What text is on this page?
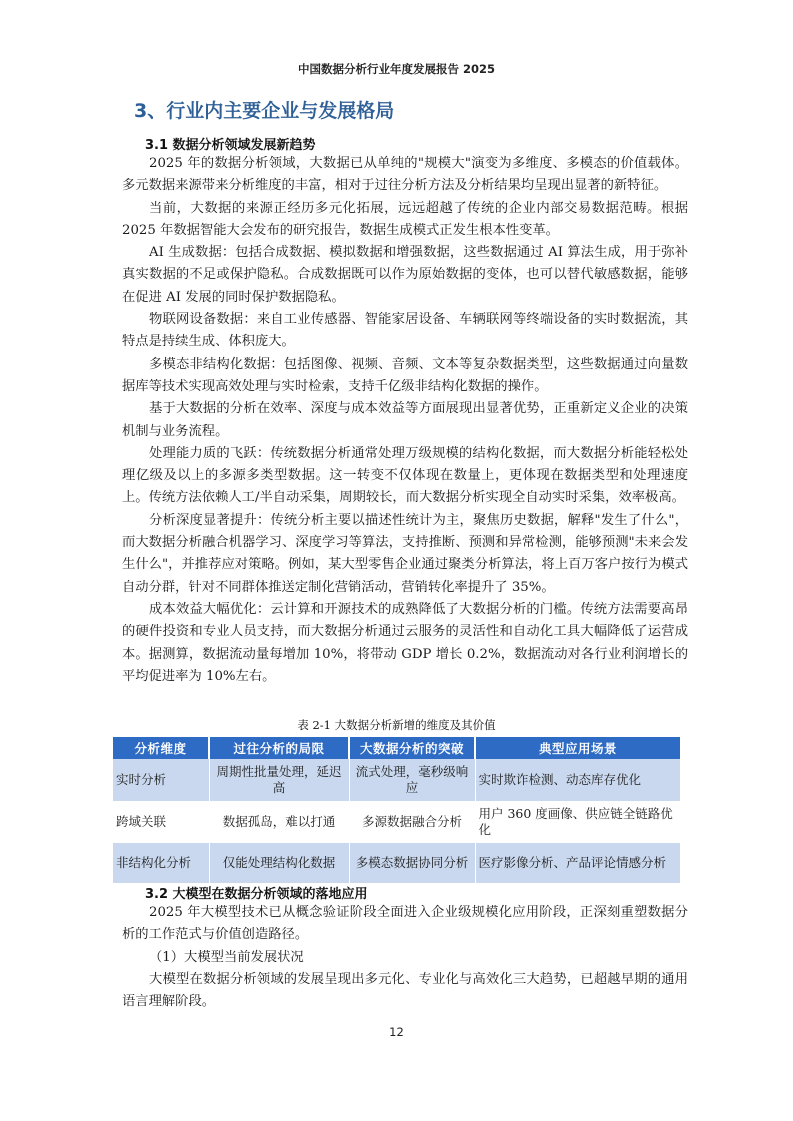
中国数据分析行业年度发展报告 2025
3、行业内主要企业与发展格局
3.1 数据分析领域发展新趋势

2025 年的数据分析领域，大数据已从单纯的"规模大"演变为多维度、多模态的价值载体。多元数据来源带来分析维度的丰富，相对于过往分析方法及分析结果均呈现出显著的新特征。

当前，大数据的来源正经历多元化拓展，远远超越了传统的企业内部交易数据范畴。根据 2025 年数据智能大会发布的研究报告，数据生成模式正发生根本性变革。

AI 生成数据：包括合成数据、模拟数据和增强数据，这些数据通过 AI 算法生成，用于弥补真实数据的不足或保护隐私。合成数据既可以作为原始数据的变体，也可以替代敏感数据，能够在促进 AI 发展的同时保护数据隐私。

物联网设备数据：来自工业传感器、智能家居设备、车辆联网等终端设备的实时数据流，其特点是持续生成、体积庞大。

多模态非结构化数据：包括图像、视频、音频、文本等复杂数据类型，这些数据通过向量数据库等技术实现高效处理与实时检索，支持千亿级非结构化数据的操作。

基于大数据的分析在效率、深度与成本效益等方面展现出显著优势，正重新定义企业的决策机制与业务流程。

处理能力质的飞跃：传统数据分析通常处理万级规模的结构化数据，而大数据分析能轻松处理亿级及以上的多源多类型数据。这一转变不仅体现在数量上，更体现在数据类型和处理速度上。传统方法依赖人工/半自动采集，周期较长，而大数据分析实现全自动实时采集，效率极高。

分析深度显著提升：传统分析主要以描述性统计为主，聚焦历史数据，解释"发生了什么"，而大数据分析融合机器学习、深度学习等算法，支持推断、预测和异常检测，能够预测"未来会发生什么"，并推荐应对策略。例如，某大型零售企业通过聚类分析算法，将上百万客户按行为模式自动分群，针对不同群体推送定制化营销活动，营销转化率提升了 35%。

成本效益大幅优化：云计算和开源技术的成熟降低了大数据分析的门槛。传统方法需要高昂的硬件投资和专业人员支持，而大数据分析通过云服务的灵活性和自动化工具大幅降低了运营成本。据测算，数据流动量每增加 10%，将带动 GDP 增长 0.2%，数据流动对各行业利润增长的平均促进率为 10%左右。

表 2-1 大数据分析新增的维度及其价值
分析维度	过往分析的局限	大数据分析的突破	典型应用场景
实时分析	周期性批量处理，延迟高	流式处理，毫秒级响应	实时欺诈检测、动态库存优化
跨域关联	数据孤岛，难以打通	多源数据融合分析	用户 360 度画像、供应链全链路优化
非结构化分析	仅能处理结构化数据	多模态数据协同分析	医疗影像分析、产品评论情感分析
3.2 大模型在数据分析领域的落地应用

2025 年大模型技术已从概念验证阶段全面进入企业级规模化应用阶段，正深刻重塑数据分析的工作范式与价值创造路径。

（1）大模型当前发展状况

大模型在数据分析领域的发展呈现出多元化、专业化与高效化三大趋势，已超越早期的通用语言理解阶段。

12
